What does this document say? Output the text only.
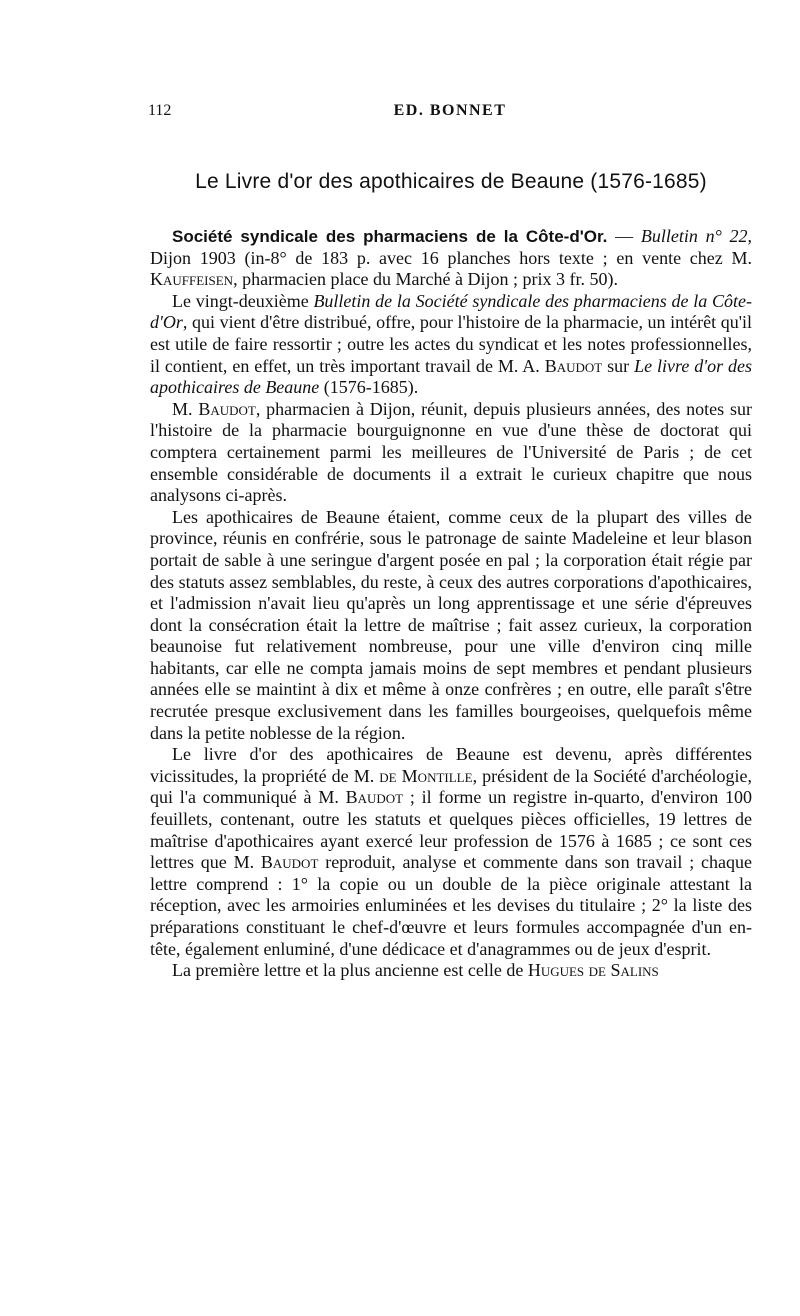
112	ED. BONNET
Le Livre d'or des apothicaires de Beaune (1576-1685)

Société syndicale des pharmaciens de la Côte-d'Or. — Bulletin n° 22, Dijon 1903 (in-8° de 183 p. avec 16 planches hors texte ; en vente chez M. Kauffeisen, pharmacien place du Marché à Dijon ; prix 3 fr. 50).

Le vingt-deuxième Bulletin de la Société syndicale des pharmaciens de la Côte-d'Or, qui vient d'être distribué, offre, pour l'histoire de la pharmacie, un intérêt qu'il est utile de faire ressortir ; outre les actes du syndicat et les notes professionnelles, il contient, en effet, un très important travail de M. A. Baudot sur Le livre d'or des apothicaires de Beaune (1576-1685).

M. Baudot, pharmacien à Dijon, réunit, depuis plusieurs années, des notes sur l'histoire de la pharmacie bourguignonne en vue d'une thèse de doctorat qui comptera certainement parmi les meilleures de l'Université de Paris ; de cet ensemble considérable de documents il a extrait le curieux chapitre que nous analysons ci-après.

Les apothicaires de Beaune étaient, comme ceux de la plupart des villes de province, réunis en confrérie, sous le patronage de sainte Madeleine et leur blason portait de sable à une seringue d'argent posée en pal ; la corporation était régie par des statuts assez semblables, du reste, à ceux des autres corporations d'apothicaires, et l'admission n'avait lieu qu'après un long apprentissage et une série d'épreuves dont la consécration était la lettre de maîtrise ; fait assez curieux, la corporation beaunoise fut relativement nombreuse, pour une ville d'environ cinq mille habitants, car elle ne compta jamais moins de sept membres et pendant plusieurs années elle se maintint à dix et même à onze confrères ; en outre, elle paraît s'être recrutée presque exclusivement dans les familles bourgeoises, quelquefois même dans la petite noblesse de la région.

Le livre d'or des apothicaires de Beaune est devenu, après différentes vicissitudes, la propriété de M. de Montille, président de la Société d'archéologie, qui l'a communiqué à M. Baudot ; il forme un registre in-quarto, d'environ 100 feuillets, contenant, outre les statuts et quelques pièces officielles, 19 lettres de maîtrise d'apothicaires ayant exercé leur profession de 1576 à 1685 ; ce sont ces lettres que M. Baudot reproduit, analyse et commente dans son travail ; chaque lettre comprend : 1° la copie ou un double de la pièce originale attestant la réception, avec les armoiries enluminées et les devises du titulaire ; 2° la liste des préparations constituant le chef-d'œuvre et leurs formules accompagnée d'un en-tête, également enluminé, d'une dédicace et d'anagrammes ou de jeux d'esprit.

La première lettre et la plus ancienne est celle de Hugues de Salins
